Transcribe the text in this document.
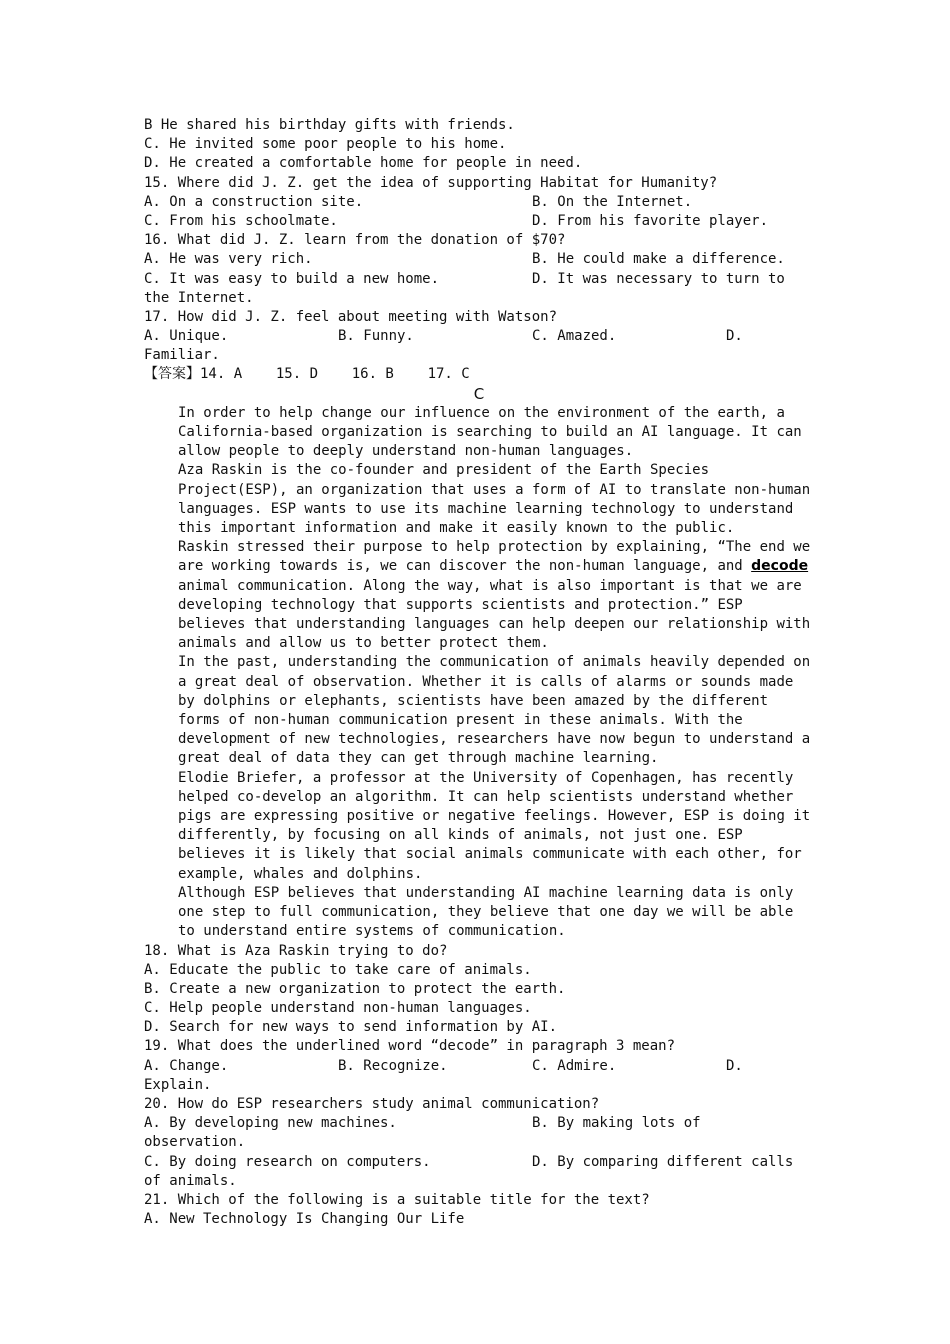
B He shared his birthday gifts with friends.
C. He invited some poor people to his home.
D. He created a comfortable home for people in need.
15. Where did J. Z. get the idea of supporting Habitat for Humanity?
A. On a construction site.	B. On the Internet.
C. From his schoolmate.	D. From his favorite player.
16. What did J. Z. learn from the donation of $70?
A. He was very rich.	B. He could make a difference.
C. It was easy to build a new home.	D. It was necessary to turn to
the Internet.
17. How did J. Z. feel about meeting with Watson?
A. Unique.	B. Funny.	C. Amazed.	D.
Familiar.
【答案】14. A    15. D    16. B    17. C
C
In order to help change our influence on the environment of the earth, a California-based organization is searching to build an AI language. It can allow people to deeply understand non-human languages.
Aza Raskin is the co-founder and president of the Earth Species Project(ESP), an organization that uses a form of AI to translate non-human languages. ESP wants to use its machine learning technology to understand this important information and make it easily known to the public.
Raskin stressed their purpose to help protection by explaining, “The end we are working towards is, we can discover the non-human language, and decode animal communication. Along the way, what is also important is that we are developing technology that supports scientists and protection.” ESP believes that understanding languages can help deepen our relationship with animals and allow us to better protect them.
In the past, understanding the communication of animals heavily depended on a great deal of observation. Whether it is calls of alarms or sounds made by dolphins or elephants, scientists have been amazed by the different forms of non-human communication present in these animals. With the development of new technologies, researchers have now begun to understand a great deal of data they can get through machine learning.
Elodie Briefer, a professor at the University of Copenhagen, has recently helped co-develop an algorithm. It can help scientists understand whether pigs are expressing positive or negative feelings. However, ESP is doing it differently, by focusing on all kinds of animals, not just one. ESP believes it is likely that social animals communicate with each other, for example, whales and dolphins.
Although ESP believes that understanding AI machine learning data is only one step to full communication, they believe that one day we will be able to understand entire systems of communication.
18. What is Aza Raskin trying to do?
A. Educate the public to take care of animals.
B. Create a new organization to protect the earth.
C. Help people understand non-human languages.
D. Search for new ways to send information by AI.
19. What does the underlined word “decode” in paragraph 3 mean?
A. Change.	B. Recognize.	C. Admire.	D.
Explain.
20. How do ESP researchers study animal communication?
A. By developing new machines.	B. By making lots of
observation.
C. By doing research on computers.	D. By comparing different calls
of animals.
21. Which of the following is a suitable title for the text?
A. New Technology Is Changing Our Life
